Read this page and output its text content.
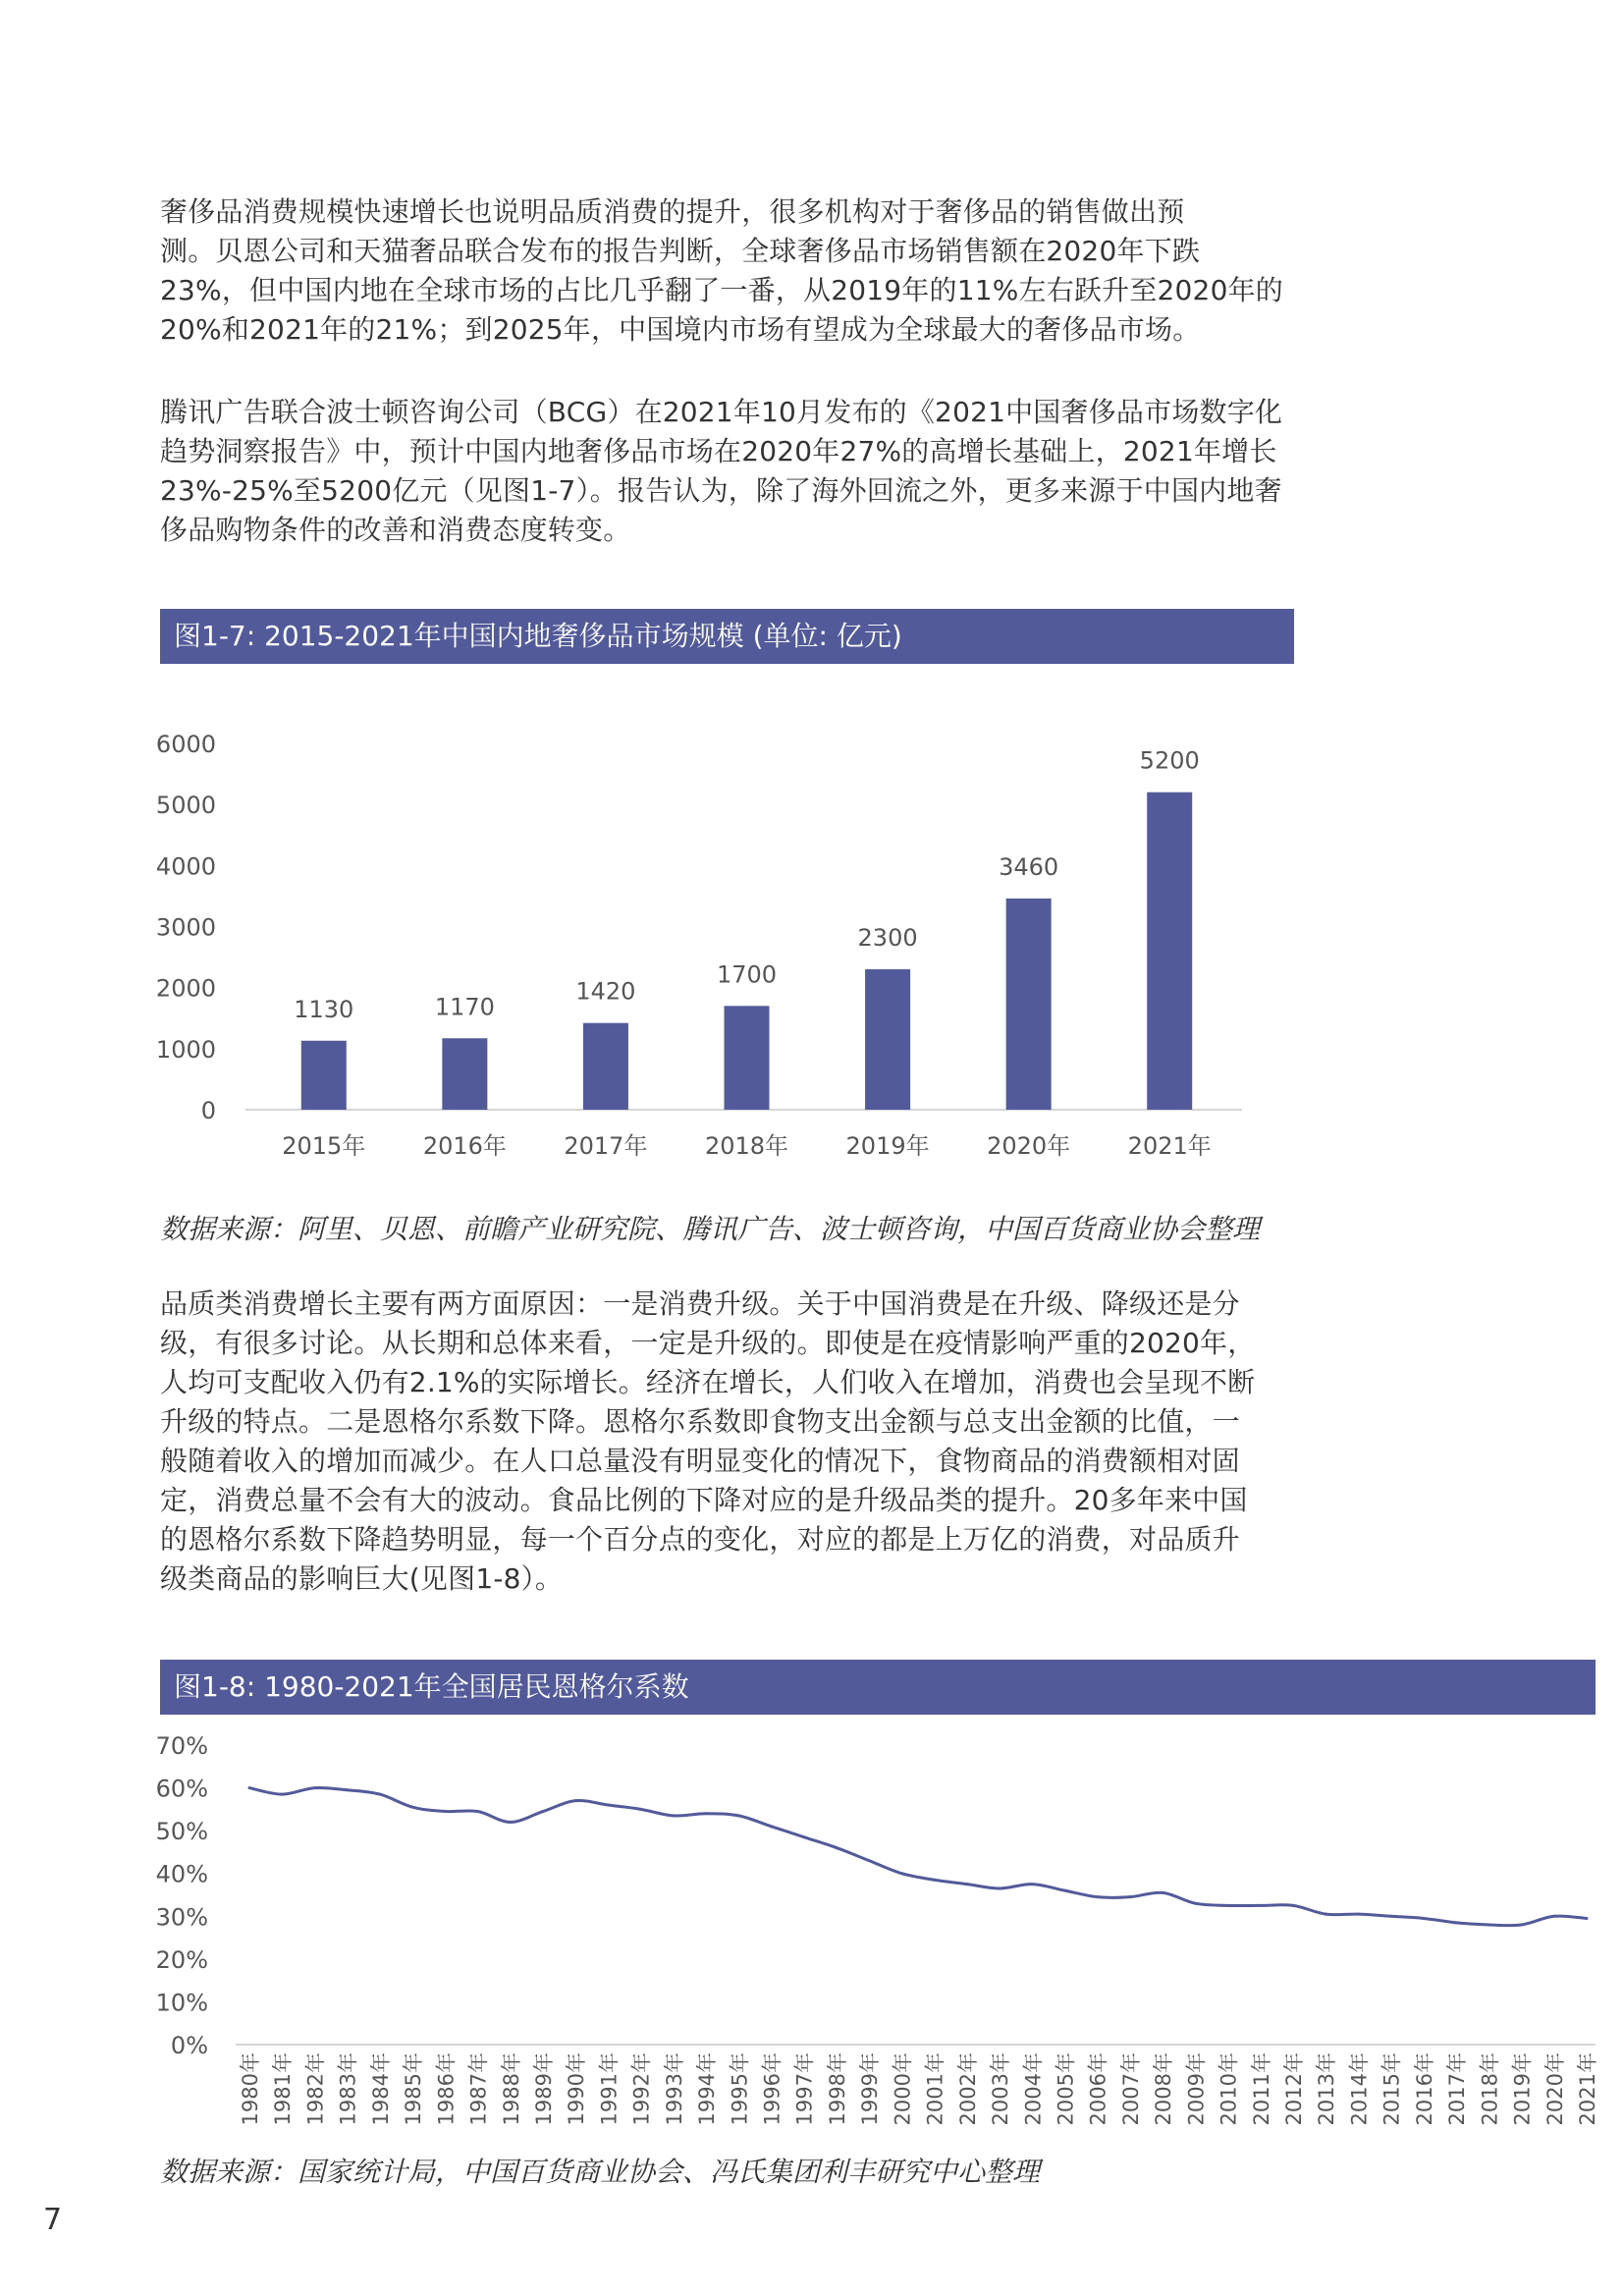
奢侈品消费规模快速增长也说明品质消费的提升，很多机构对于奢侈品的销售做出预
测。贝恩公司和天猫奢品联合发布的报告判断，全球奢侈品市场销售额在2020年下跌
23%，但中国内地在全球市场的占比几乎翻了一番，从2019年的11%左右跃升至2020年的
20%和2021年的21%；到2025年，中国境内市场有望成为全球最大的奢侈品市场。
腾讯广告联合波士顿咨询公司（BCG）在2021年10月发布的《2021中国奢侈品市场数字化
趋势洞察报告》中，预计中国内地奢侈品市场在2020年27%的高增长基础上，2021年增长
23%-25%至5200亿元（见图1-7）。报告认为，除了海外回流之外，更多来源于中国内地奢
侈品购物条件的改善和消费态度转变。
图1-7: 2015-2021年中国内地奢侈品市场规模 (单位: 亿元)
0
1000
2000
3000
4000
5000
6000
1130
2015年
1170
2016年
1420
2017年
1700
2018年
2300
2019年
3460
2020年
5200
2021年
数据来源：阿里、贝恩、前瞻产业研究院、腾讯广告、波士顿咨询，中国百货商业协会整理
品质类消费增长主要有两方面原因：一是消费升级。关于中国消费是在升级、降级还是分
级，有很多讨论。从长期和总体来看，一定是升级的。即使是在疫情影响严重的2020年，
人均可支配收入仍有2.1%的实际增长。经济在增长，人们收入在增加，消费也会呈现不断
升级的特点。二是恩格尔系数下降。恩格尔系数即食物支出金额与总支出金额的比值，一
般随着收入的增加而减少。在人口总量没有明显变化的情况下，食物商品的消费额相对固
定，消费总量不会有大的波动。食品比例的下降对应的是升级品类的提升。20多年来中国
的恩格尔系数下降趋势明显，每一个百分点的变化，对应的都是上万亿的消费，对品质升
级类商品的影响巨大(见图1-8）。
图1-8: 1980-2021年全国居民恩格尔系数
0%
10%
20%
30%
40%
50%
60%
70%
1980年 1981年 1982年 1983年 1984年 1985年 1986年 1987年 1988年 1989年 1990年 1991年 1992年 1993年 1994年 1995年 1996年 1997年 1998年 1999年 2000年 2001年 2002年 2003年 2004年 2005年 2006年 2007年 2008年 2009年 2010年 2011年 2012年 2013年 2014年 2015年 2016年 2017年 2018年 2019年 2020年 2021年
数据来源：国家统计局，中国百货商业协会、冯氏集团利丰研究中心整理
7
